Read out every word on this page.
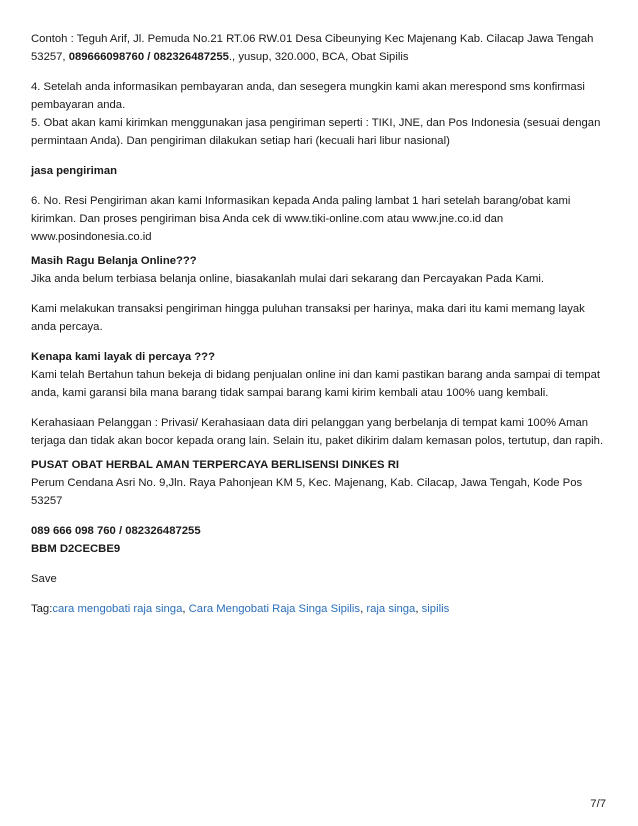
Contoh : Teguh Arif, Jl. Pemuda No.21 RT.06 RW.01 Desa Cibeunying Kec Majenang Kab. Cilacap Jawa Tengah 53257, 089666098760 / 082326487255., yusup, 320.000, BCA, Obat Sipilis

4. Setelah anda informasikan pembayaran anda, dan sesegera mungkin kami akan merespond sms konfirmasi pembayaran anda.

5. Obat akan kami kirimkan menggunakan jasa pengiriman seperti : TIKI, JNE, dan Pos Indonesia (sesuai dengan permintaan Anda). Dan pengiriman dilakukan setiap hari (kecuali hari libur nasional)

jasa pengiriman

6. No. Resi Pengiriman akan kami Informasikan kepada Anda paling lambat 1 hari setelah barang/obat kami kirimkan. Dan proses pengiriman bisa Anda cek di www.tiki-online.com atau www.jne.co.id dan www.posindonesia.co.id

Masih Ragu Belanja Online???

Jika anda belum terbiasa belanja online, biasakanlah mulai dari sekarang dan Percayakan Pada Kami.

Kami melakukan transaksi pengiriman hingga puluhan transaksi per harinya, maka dari itu kami memang layak anda percaya.

Kenapa kami layak di percaya ???

Kami telah Bertahun tahun bekeja di bidang penjualan online ini dan kami pastikan barang anda sampai di tempat anda, kami garansi bila mana barang tidak sampai barang kami kirim kembali atau 100% uang kembali.

Kerahasiaan Pelanggan : Privasi/ Kerahasiaan data diri pelanggan yang berbelanja di tempat kami 100% Aman terjaga dan tidak akan bocor kepada orang lain. Selain itu, paket dikirim dalam kemasan polos, tertutup, dan rapih.

PUSAT OBAT HERBAL AMAN TERPERCAYA BERLISENSI DINKES RI

Perum Cendana Asri No. 9,Jln. Raya Pahonjean KM 5, Kec. Majenang, Kab. Cilacap, Jawa Tengah, Kode Pos 53257

089 666 098 760 / 082326487255

BBM D2CECBE9

Save

Tag:cara mengobati raja singa, Cara Mengobati Raja Singa Sipilis, raja singa, sipilis

7/7
